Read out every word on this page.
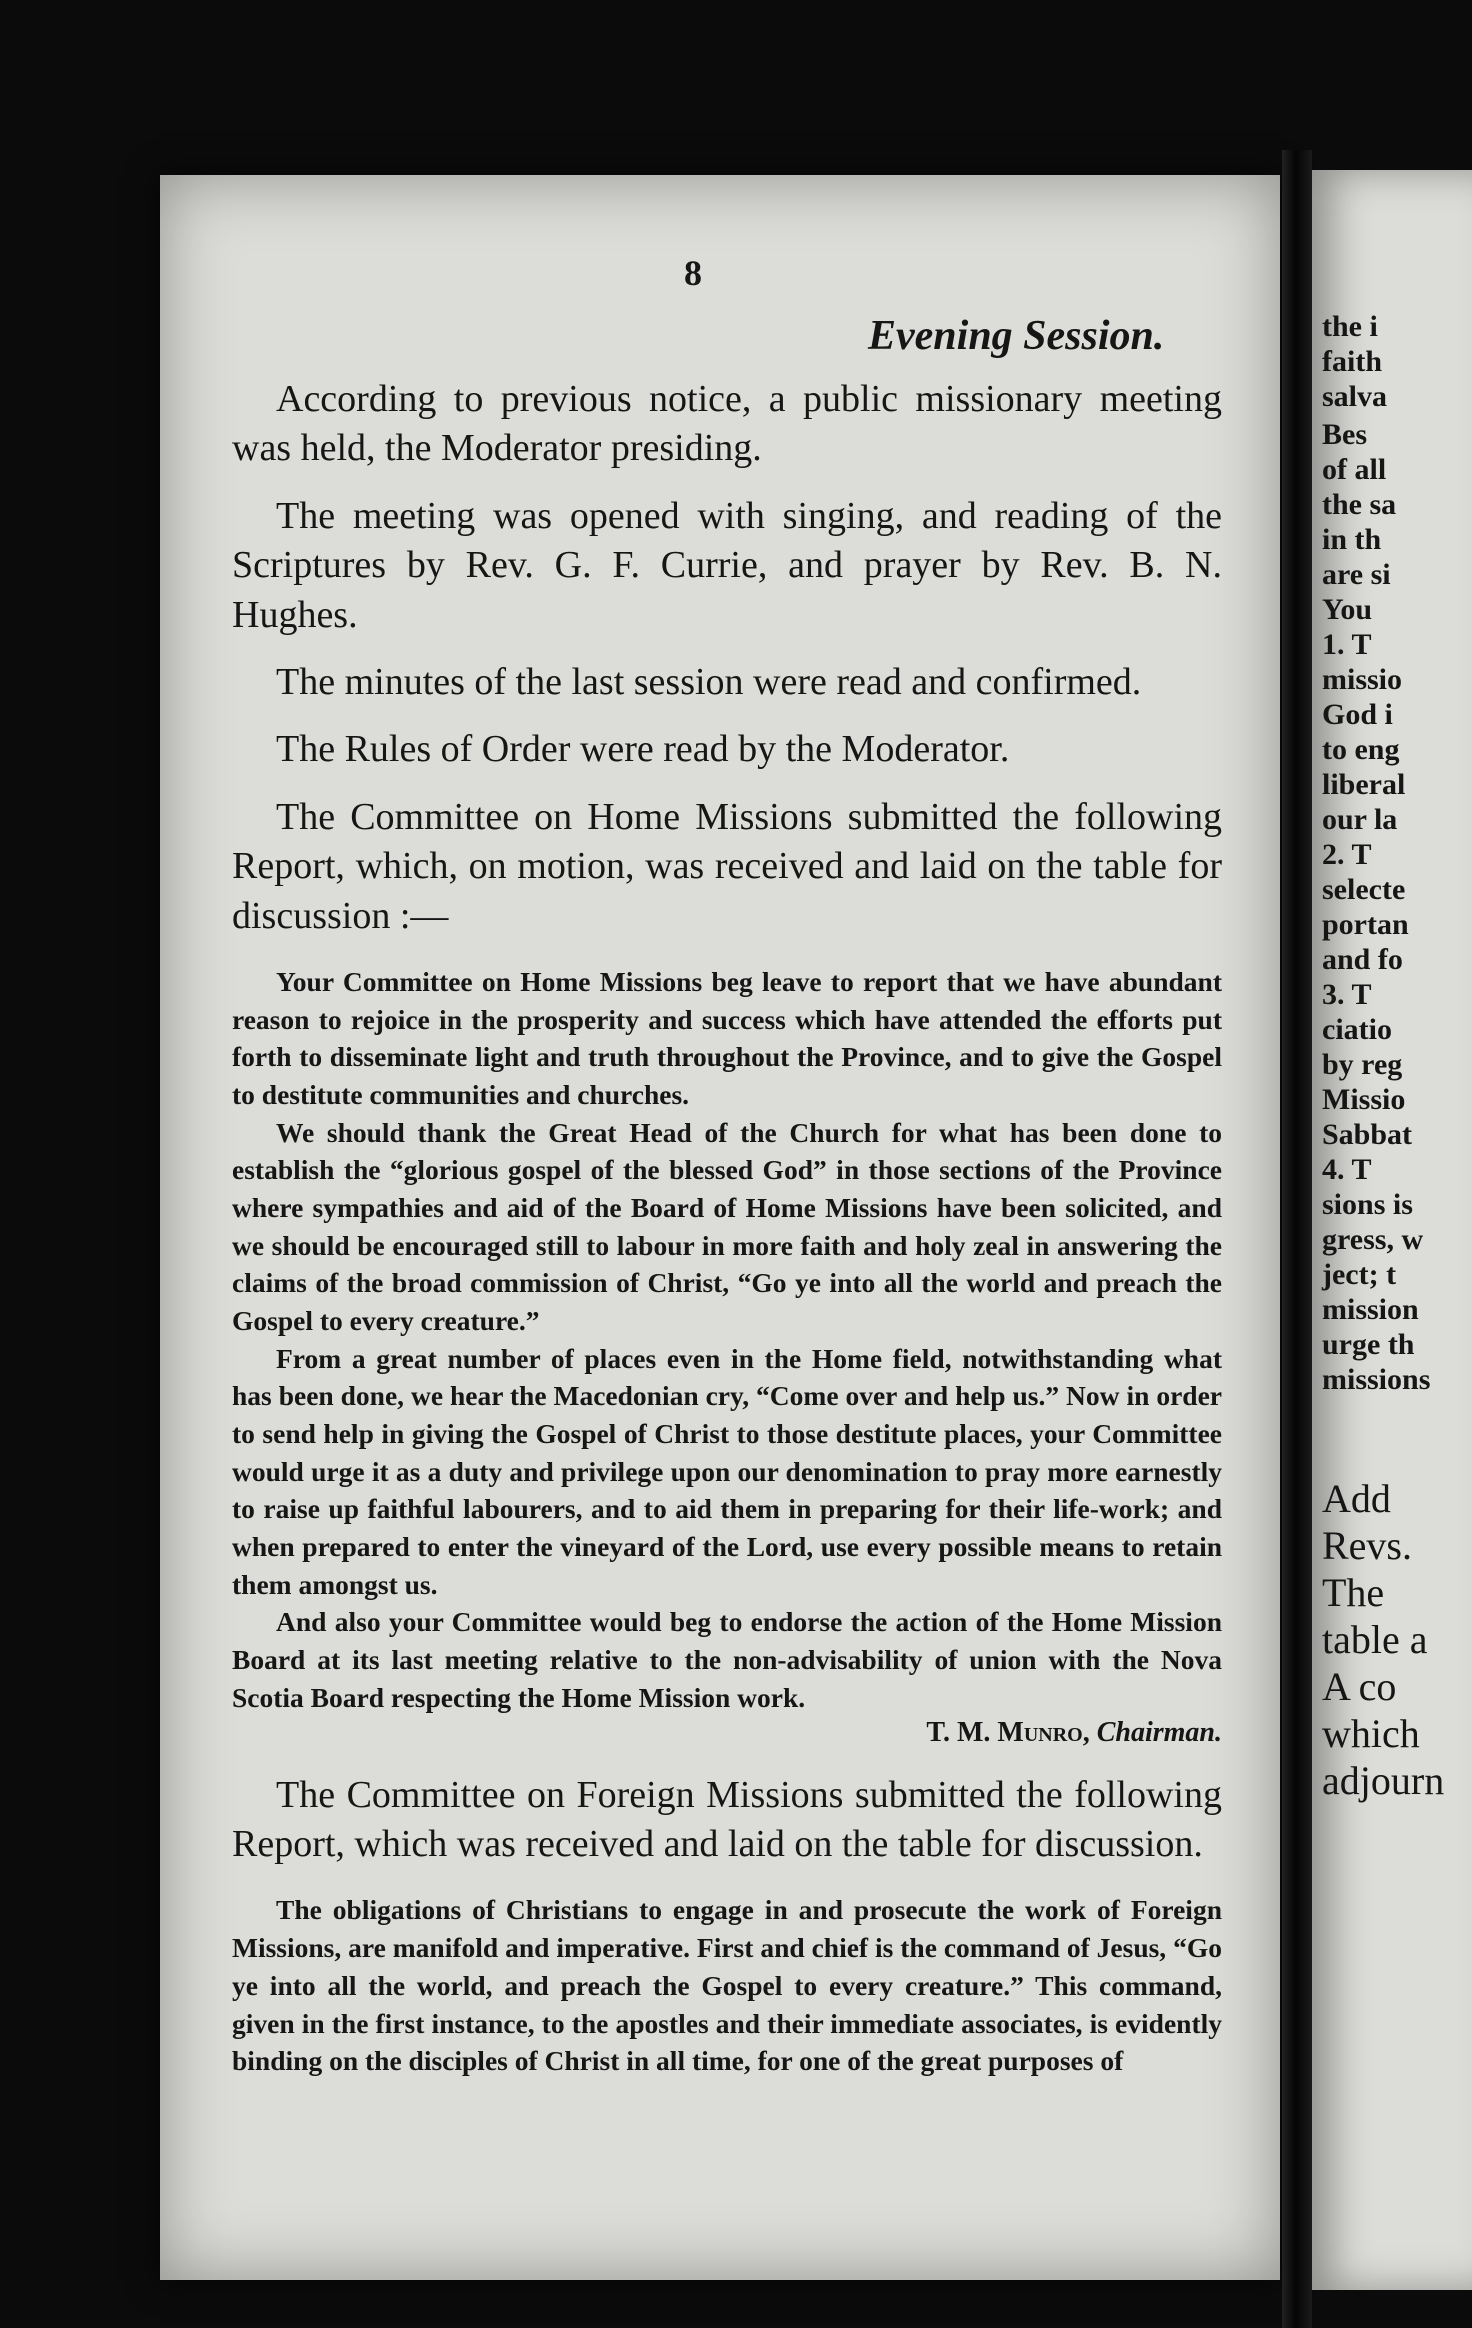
the i
faith
salva
Bes
of all
the sa
in th
are si
You
1. T
missio
God i
to eng
liberal
our la
2. T
selecte
portan
and fo
3. T
ciatio
by reg
Missio
Sabbat
4. T
sions is
gress, w
ject; t
mission
urge th
missions
Add
Revs.
The
table a
A co
which
adjourn
8
Evening Session.

According to previous notice, a public missionary meeting was held, the Moderator presiding.

The meeting was opened with singing, and reading of the Scriptures by Rev. G. F. Currie, and prayer by Rev. B. N. Hughes.

The minutes of the last session were read and confirmed.

The Rules of Order were read by the Moderator.

The Committee on Home Missions submitted the following Report, which, on motion, was received and laid on the table for discussion :—

Your Committee on Home Missions beg leave to report that we have abundant reason to rejoice in the prosperity and success which have attended the efforts put forth to disseminate light and truth throughout the Province, and to give the Gospel to destitute communities and churches.

We should thank the Great Head of the Church for what has been done to establish the “glorious gospel of the blessed God” in those sections of the Province where sympathies and aid of the Board of Home Missions have been solicited, and we should be encouraged still to labour in more faith and holy zeal in answering the claims of the broad commission of Christ, “Go ye into all the world and preach the Gospel to every creature.”

From a great number of places even in the Home field, notwithstanding what has been done, we hear the Macedonian cry, “Come over and help us.” Now in order to send help in giving the Gospel of Christ to those destitute places, your Committee would urge it as a duty and privilege upon our denomination to pray more earnestly to raise up faithful labourers, and to aid them in preparing for their life-work; and when prepared to enter the vineyard of the Lord, use every possible means to retain them amongst us.

And also your Committee would beg to endorse the action of the Home Mission Board at its last meeting relative to the non-advisability of union with the Nova Scotia Board respecting the Home Mission work.

T. M. Munro, Chairman.

The Committee on Foreign Missions submitted the following Report, which was received and laid on the table for discussion.

The obligations of Christians to engage in and prosecute the work of Foreign Missions, are manifold and imperative. First and chief is the command of Jesus, “Go ye into all the world, and preach the Gospel to every creature.” This command, given in the first instance, to the apostles and their immediate associates, is evidently binding on the disciples of Christ in all time, for one of the great purposes of
